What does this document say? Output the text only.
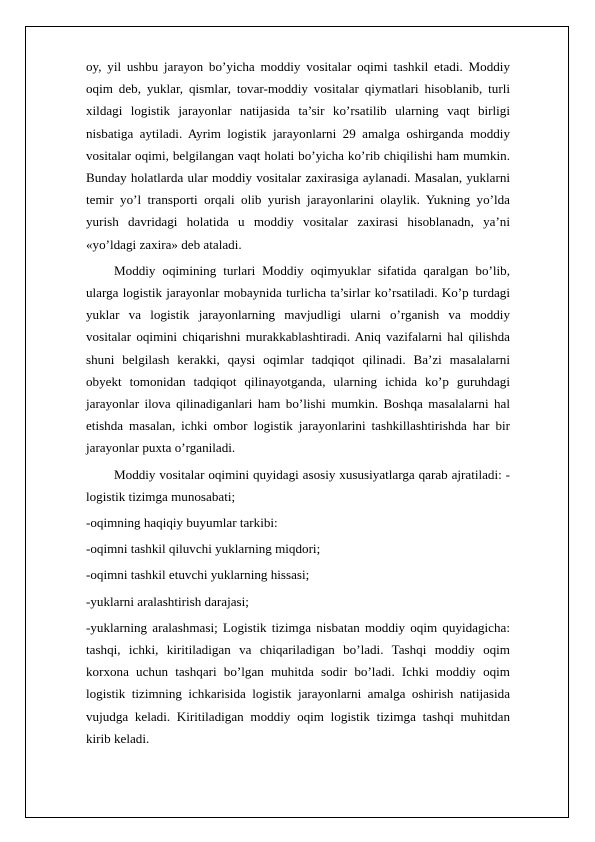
oy, yil ushbu jarayon bo’yicha moddiy vositalar oqimi tashkil etadi. Moddiy oqim deb, yuklar, qismlar, tovar-moddiy vositalar qiymatlari hisoblanib, turli xildagi logistik jarayonlar natijasida ta’sir ko’rsatilib ularning vaqt birligi nisbatiga aytiladi. Ayrim logistik jarayonlarni 29 amalga oshirganda moddiy vositalar oqimi, belgilangan vaqt holati bo’yicha ko’rib chiqilishi ham mumkin. Bunday holatlarda ular moddiy vositalar zaxirasiga aylanadi. Masalan, yuklarni temir yo’l transporti orqali olib yurish jarayonlarini olaylik. Yukning yo’lda yurish davridagi holatida u moddiy vositalar zaxirasi hisoblanadn, ya’ni «yo’ldagi zaxira» deb ataladi.

Moddiy oqimining turlari Moddiy oqimyuklar sifatida qaralgan bo’lib, ularga logistik jarayonlar mobaynida turlicha ta’sirlar ko’rsatiladi. Ko’p turdagi yuklar va logistik jarayonlarning mavjudligi ularni o’rganish va moddiy vositalar oqimini chiqarishni murakkablashtiradi. Aniq vazifalarni hal qilishda shuni belgilash kerakki, qaysi oqimlar tadqiqot qilinadi. Ba’zi masalalarni obyekt tomonidan tadqiqot qilinayotganda, ularning ichida ko’p guruhdagi jarayonlar ilova qilinadiganlari ham bo’lishi mumkin. Boshqa masalalarni hal etishda masalan, ichki ombor logistik jarayonlarini tashkillashtirishda har bir jarayonlar puxta o’rganiladi.

Moddiy vositalar oqimini quyidagi asosiy xususiyatlarga qarab ajratiladi: -logistik tizimga munosabati;

-oqimning haqiqiy buyumlar tarkibi:

-oqimni tashkil qiluvchi yuklarning miqdori;

-oqimni tashkil etuvchi yuklarning hissasi;

-yuklarni aralashtirish darajasi;

-yuklarning aralashmasi; Logistik tizimga nisbatan moddiy oqim quyidagicha: tashqi, ichki, kiritiladigan va chiqariladigan bo’ladi. Tashqi moddiy oqim korxona uchun tashqari bo’lgan muhitda sodir bo’ladi. Ichki moddiy oqim logistik tizimning ichkarisida logistik jarayonlarni amalga oshirish natijasida vujudga keladi. Kiritiladigan moddiy oqim logistik tizimga tashqi muhitdan kirib keladi.
